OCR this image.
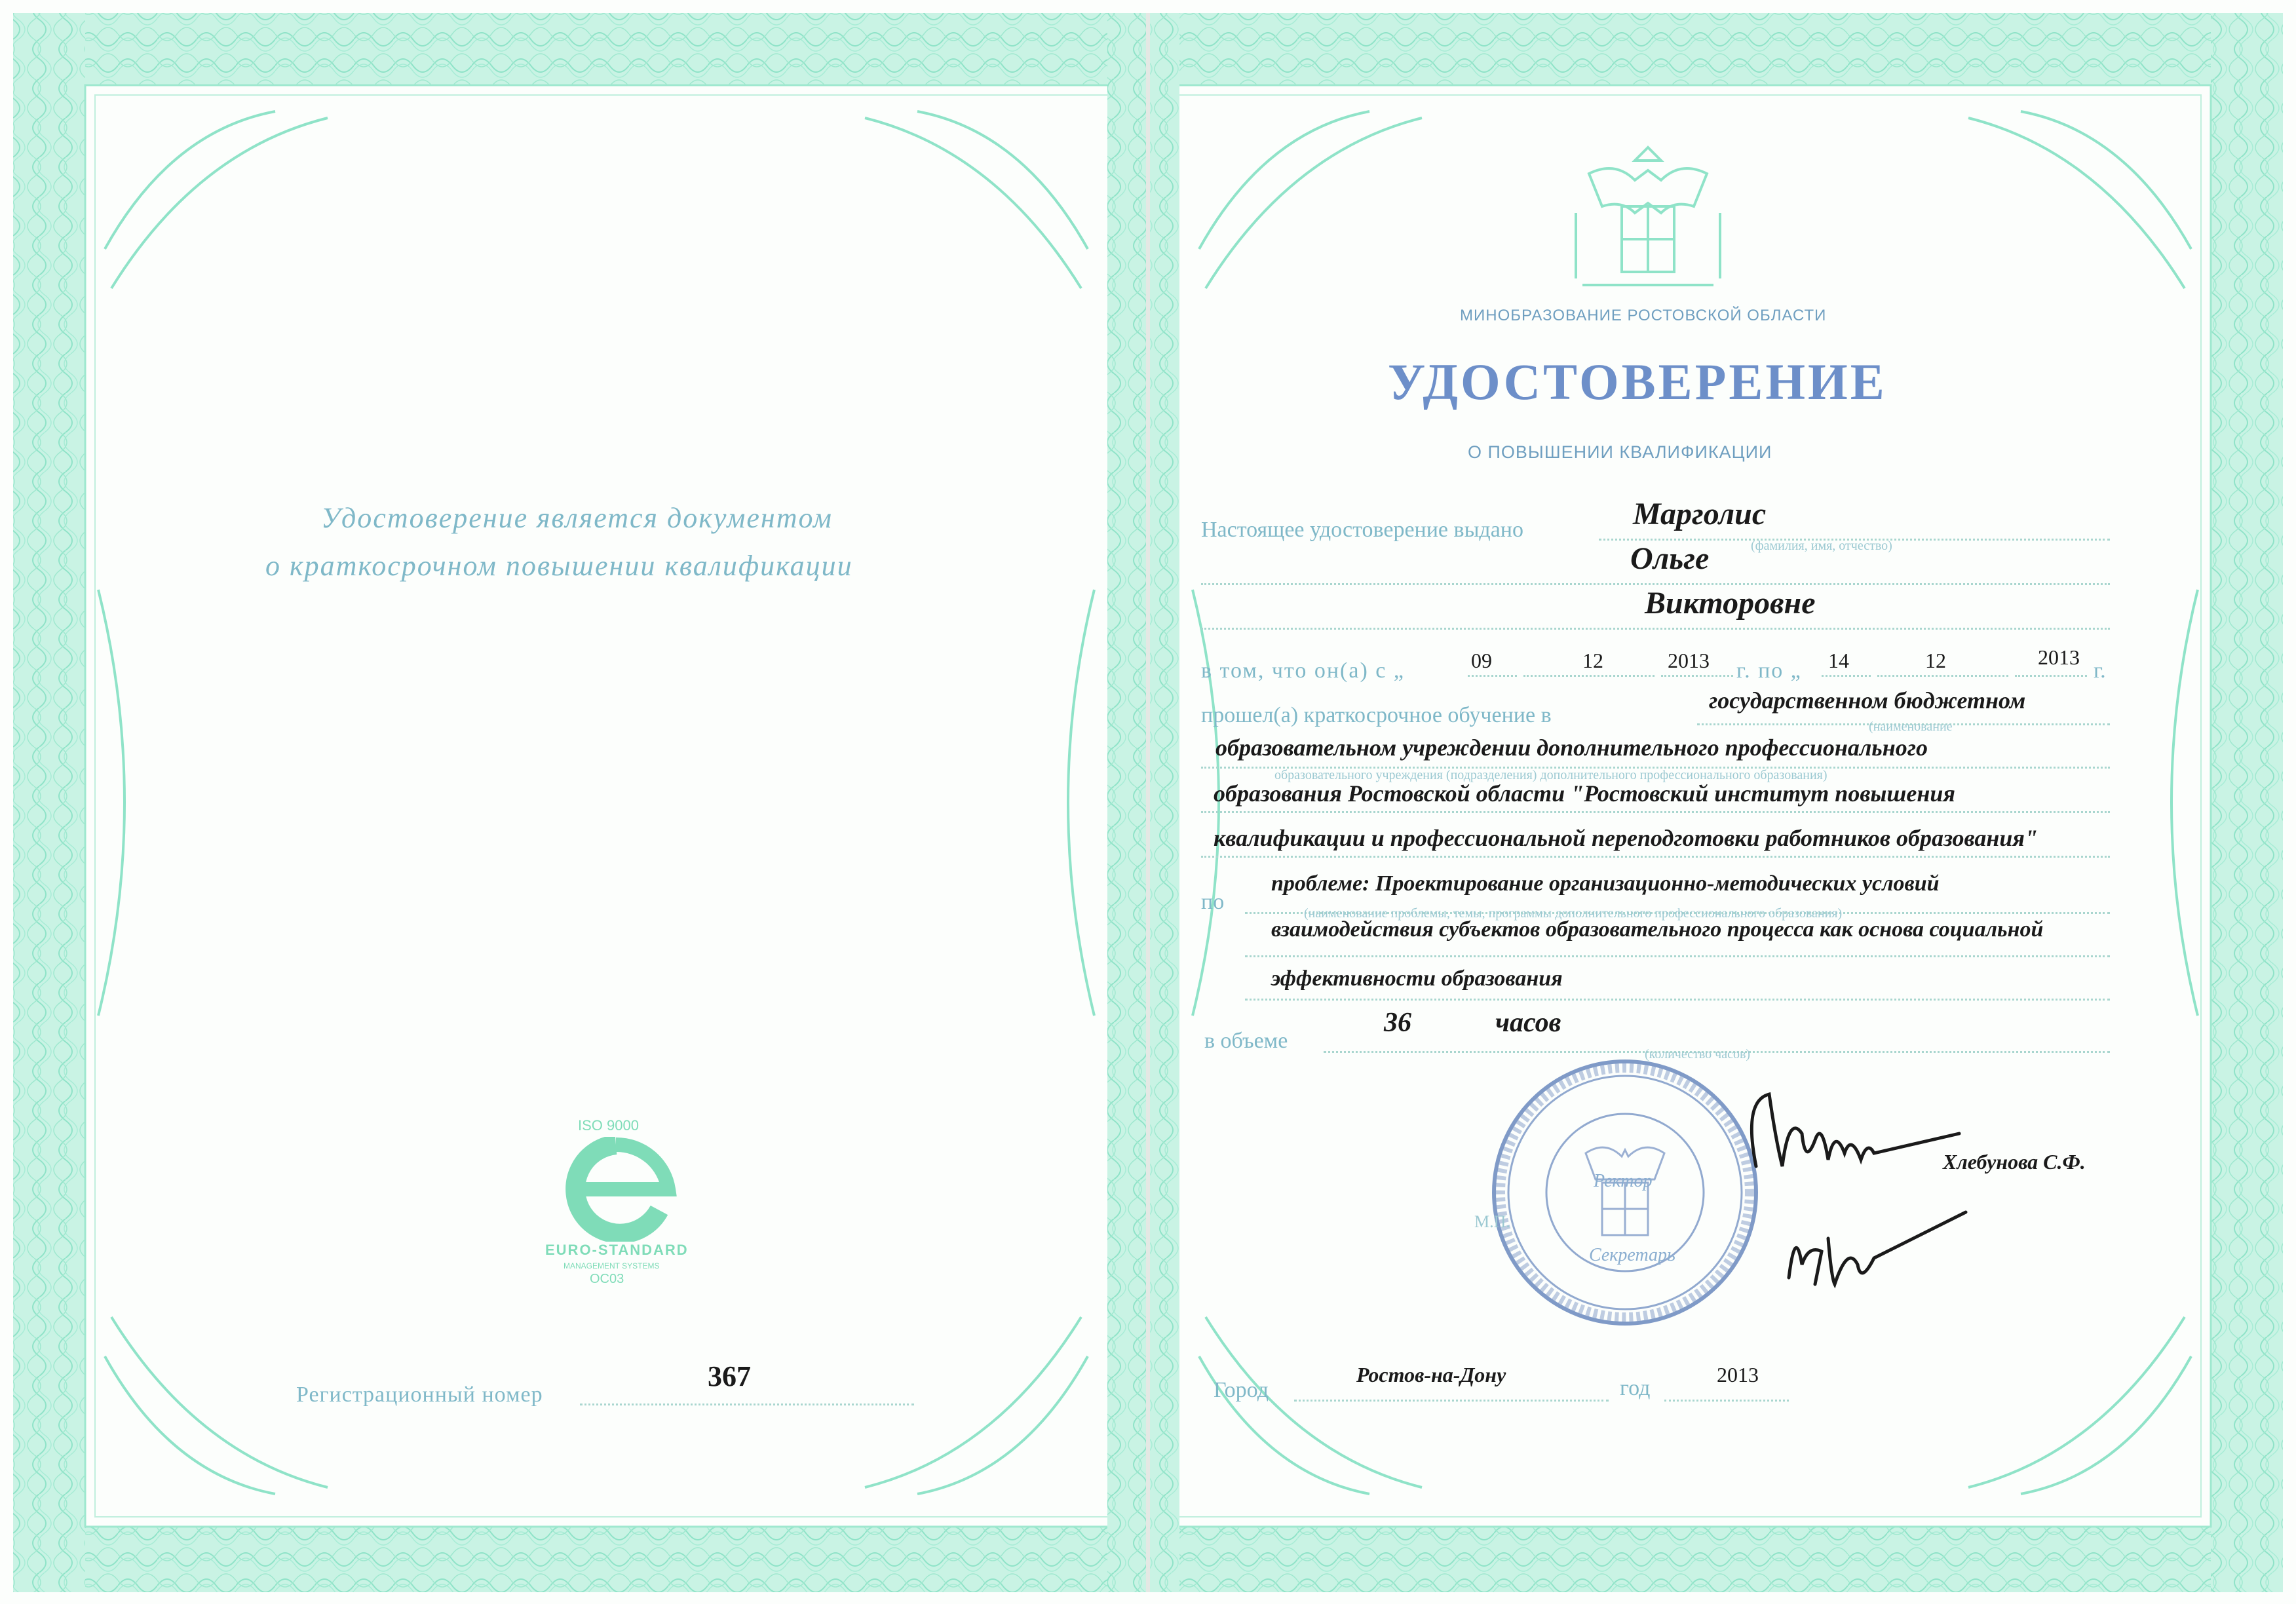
Удостоверение является документом
о краткосрочном повышении квалификации
ISO 9000
EURO-STANDARD
MANAGEMENT SYSTEMS
OC03
Регистрационный номер
367
МИНОБРАЗОВАНИЕ РОСТОВСКОЙ ОБЛАСТИ
УДОСТОВЕРЕНИЕ
О ПОВЫШЕНИИ КВАЛИФИКАЦИИ
Настоящее удостоверение выдано	Марголис
Ольге	(фамилия, имя, отчество)
Викторовне
в том, что он(а) с „	09	12	2013 г. по „ 14	12	2013
г.
прошел(а) краткосрочное обучение в
государственном бюджетном
(наименование
образовательном учреждении дополнительного профессионального
образовательного учреждения (подразделения) дополнительного профессионального образования)
образования Ростовской области "Ростовский институт повышения
квалификации и профессиональной переподготовки работников образования"
по
проблеме: Проектирование организационно-методических условий
(наименование проблемы, темы, программы дополнительного профессионального образования)
взаимодействия субъектов образовательного процесса как основа социальной
эффективности образования
в объеме
36	часов
(количество часов)
Ректор
Секретарь
М.П.
Хлебунова С.Ф.
Город
Ростов-на-Дону
год
2013
